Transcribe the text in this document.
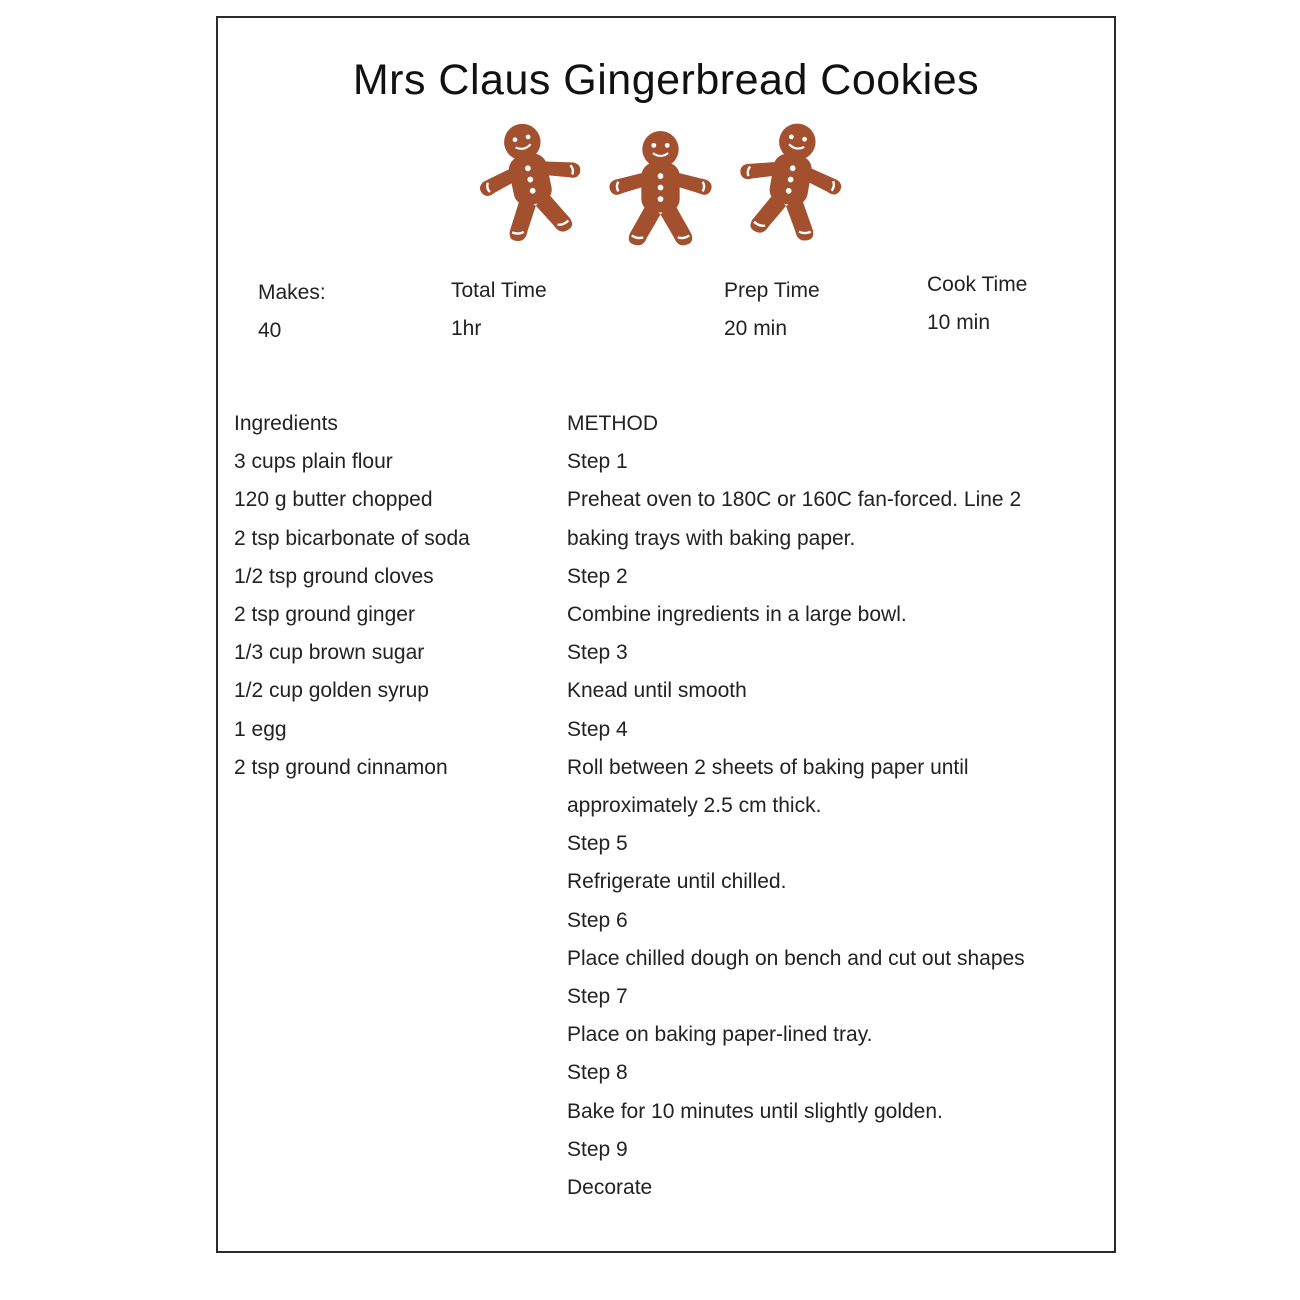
Mrs Claus Gingerbread Cookies
Makes:
40
Total Time
1hr
Prep Time
20 min
Cook Time
10 min
Ingredients
3 cups plain flour
120 g butter chopped
2 tsp bicarbonate of soda
1/2 tsp ground cloves
2 tsp ground ginger
1/3 cup brown sugar
1/2 cup golden syrup
1 egg
2 tsp ground cinnamon
METHOD
Step 1
Preheat oven to 180C or 160C fan-forced. Line 2
baking trays with baking paper.
Step 2
Combine ingredients in a large bowl.
Step 3
Knead until smooth
Step 4
Roll between 2 sheets of baking paper until
approximately 2.5 cm thick.
Step 5
Refrigerate until chilled.
Step 6
Place chilled dough on bench and cut out shapes
Step 7
Place on baking paper-lined tray.
Step 8
Bake for 10 minutes until slightly golden.
Step 9
Decorate
